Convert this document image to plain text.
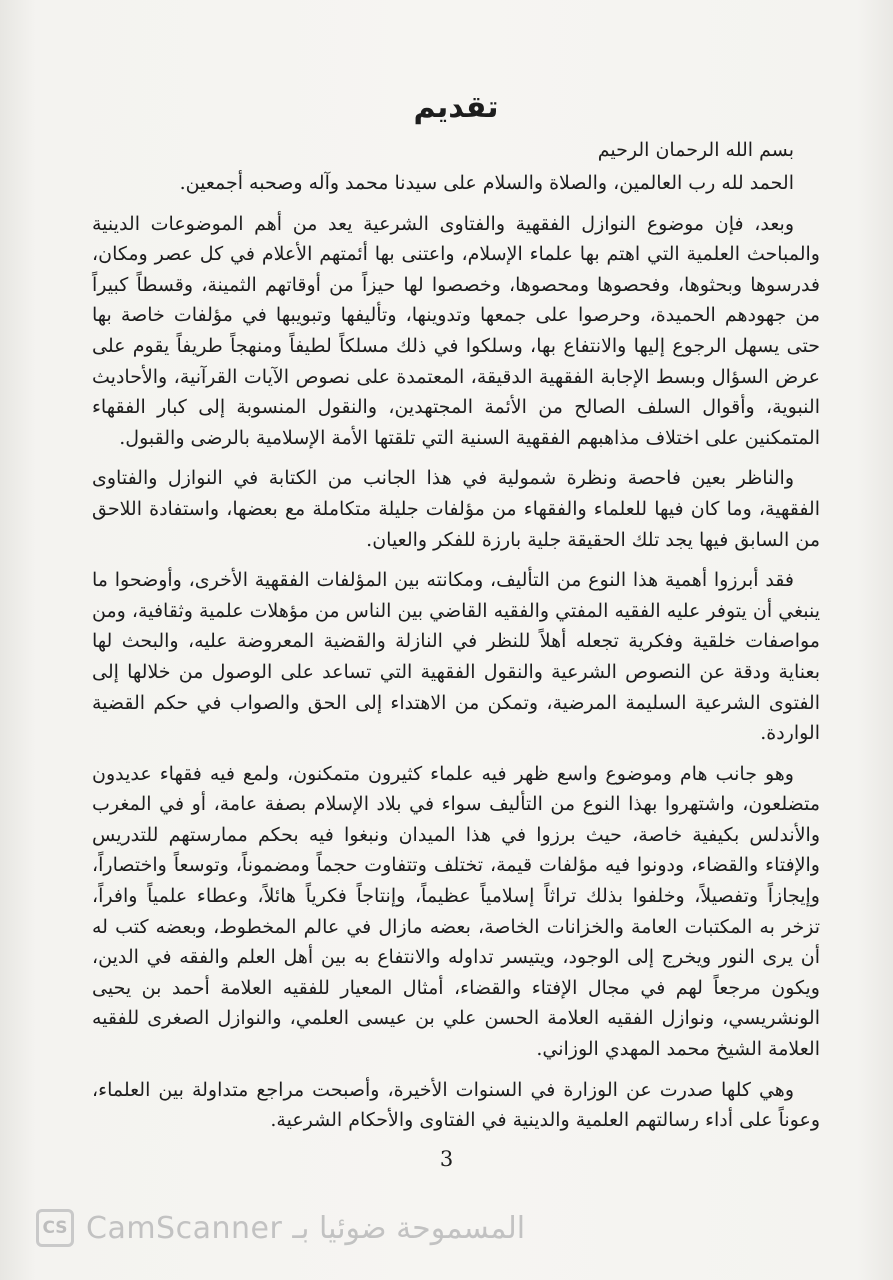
تقديم
بسم الله الرحمان الرحيم

الحمد لله رب العالمين، والصلاة والسلام على سيدنا محمد وآله وصحبه أجمعين.

وبعد، فإن موضوع النوازل الفقهية والفتاوى الشرعية يعد من أهم الموضوعات الدينية والمباحث العلمية التي اهتم بها علماء الإسلام، واعتنى بها أئمتهم الأعلام في كل عصر ومكان، فدرسوها وبحثوها، وفحصوها ومحصوها، وخصصوا لها حيزاً من أوقاتهم الثمينة، وقسطاً كبيراً من جهودهم الحميدة، وحرصوا على جمعها وتدوينها، وتأليفها وتبويبها في مؤلفات خاصة بها حتى يسهل الرجوع إليها والانتفاع بها، وسلكوا في ذلك مسلكاً لطيفاً ومنهجاً طريفاً يقوم على عرض السؤال وبسط الإجابة الفقهية الدقيقة، المعتمدة على نصوص الآيات القرآنية، والأحاديث النبوية، وأقوال السلف الصالح من الأئمة المجتهدين، والنقول المنسوبة إلى كبار الفقهاء المتمكنين على اختلاف مذاهبهم الفقهية السنية التي تلقتها الأمة الإسلامية بالرضى والقبول.

والناظر بعين فاحصة ونظرة شمولية في هذا الجانب من الكتابة في النوازل والفتاوى الفقهية، وما كان فيها للعلماء والفقهاء من مؤلفات جليلة متكاملة مع بعضها، واستفادة اللاحق من السابق فيها يجد تلك الحقيقة جلية بارزة للفكر والعيان.

فقد أبرزوا أهمية هذا النوع من التأليف، ومكانته بين المؤلفات الفقهية الأخرى، وأوضحوا ما ينبغي أن يتوفر عليه الفقيه المفتي والفقيه القاضي بين الناس من مؤهلات علمية وثقافية، ومن مواصفات خلقية وفكرية تجعله أهلاً للنظر في النازلة والقضية المعروضة عليه، والبحث لها بعناية ودقة عن النصوص الشرعية والنقول الفقهية التي تساعد على الوصول من خلالها إلى الفتوى الشرعية السليمة المرضية، وتمكن من الاهتداء إلى الحق والصواب في حكم القضية الواردة.

وهو جانب هام وموضوع واسع ظهر فيه علماء كثيرون متمكنون، ولمع فيه فقهاء عديدون متضلعون، واشتهروا بهذا النوع من التأليف سواء في بلاد الإسلام بصفة عامة، أو في المغرب والأندلس بكيفية خاصة، حيث برزوا في هذا الميدان ونبغوا فيه بحكم ممارستهم للتدريس والإفتاء والقضاء، ودونوا فيه مؤلفات قيمة، تختلف وتتفاوت حجماً ومضموناً، وتوسعاً واختصاراً، وإيجازاً وتفصيلاً، وخلفوا بذلك تراثاً إسلامياً عظيماً، وإنتاجاً فكرياً هائلاً، وعطاء علمياً وافراً، تزخر به المكتبات العامة والخزانات الخاصة، بعضه مازال في عالم المخطوط، وبعضه كتب له أن يرى النور ويخرج إلى الوجود، ويتيسر تداوله والانتفاع به بين أهل العلم والفقه في الدين، ويكون مرجعاً لهم في مجال الإفتاء والقضاء، أمثال المعيار للفقيه العلامة أحمد بن يحيى الونشريسي، ونوازل الفقيه العلامة الحسن علي بن عيسى العلمي، والنوازل الصغرى للفقيه العلامة الشيخ محمد المهدي الوزاني.

وهي كلها صدرت عن الوزارة في السنوات الأخيرة، وأصبحت مراجع متداولة بين العلماء، وعوناً على أداء رسالتهم العلمية والدينية في الفتاوى والأحكام الشرعية.

3
CS CamScanner المسموحة ضوئيا بـ
